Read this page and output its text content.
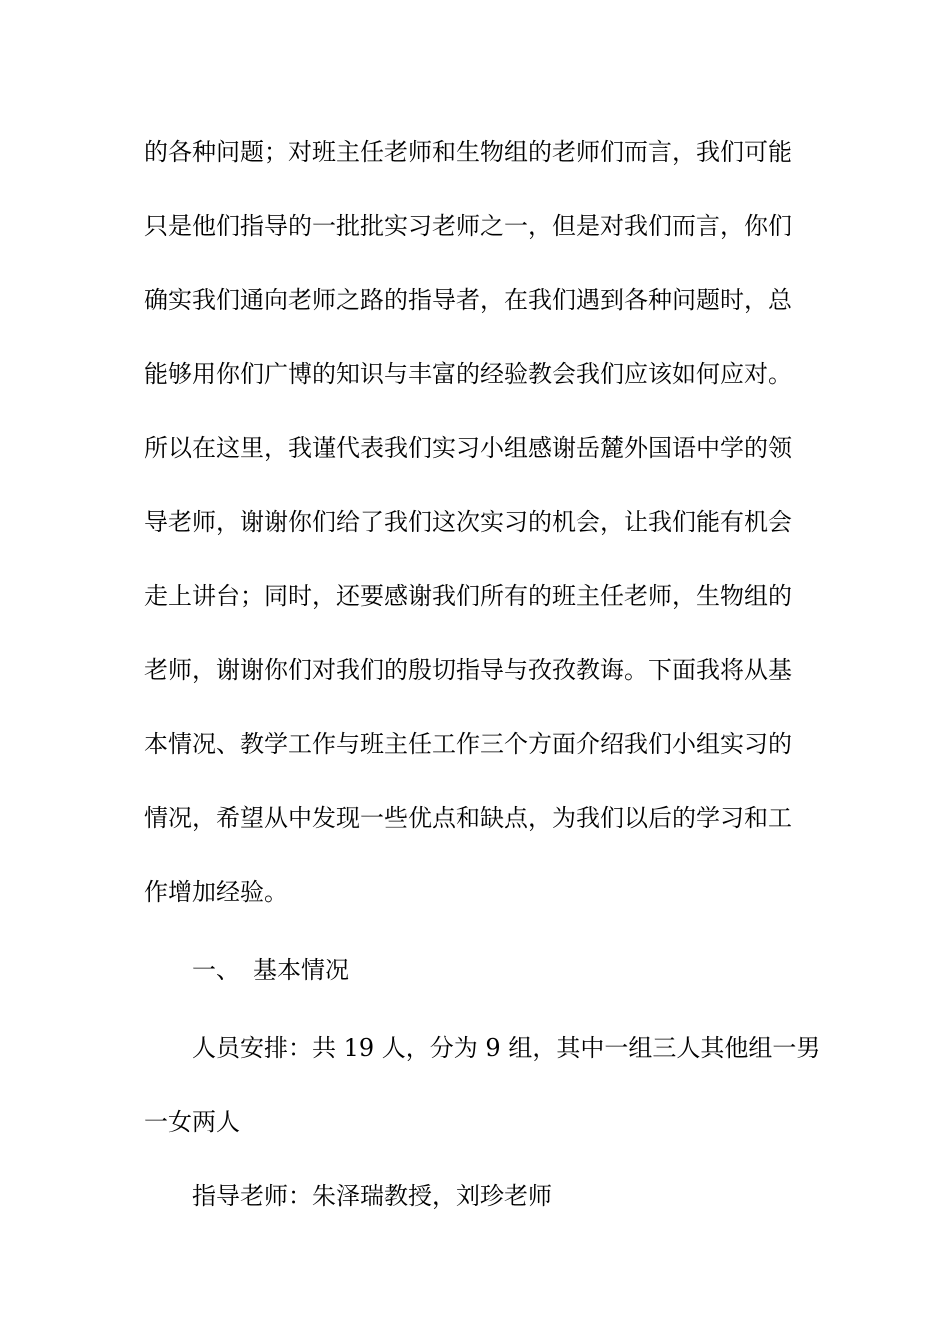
的各种问题；对班主任老师和生物组的老师们而言，我们可能
只是他们指导的一批批实习老师之一，但是对我们而言，你们
确实我们通向老师之路的指导者，在我们遇到各种问题时，总
能够用你们广博的知识与丰富的经验教会我们应该如何应对。
所以在这里，我谨代表我们实习小组感谢岳麓外国语中学的领
导老师，谢谢你们给了我们这次实习的机会，让我们能有机会
走上讲台；同时，还要感谢我们所有的班主任老师，生物组的
老师，谢谢你们对我们的殷切指导与孜孜教诲。下面我将从基
本情况、教学工作与班主任工作三个方面介绍我们小组实习的
情况，希望从中发现一些优点和缺点，为我们以后的学习和工
作增加经验。
一、 基本情况
人员安排：共 19 人，分为 9 组，其中一组三人其他组一男
一女两人
指导老师：朱泽瑞教授，刘珍老师
